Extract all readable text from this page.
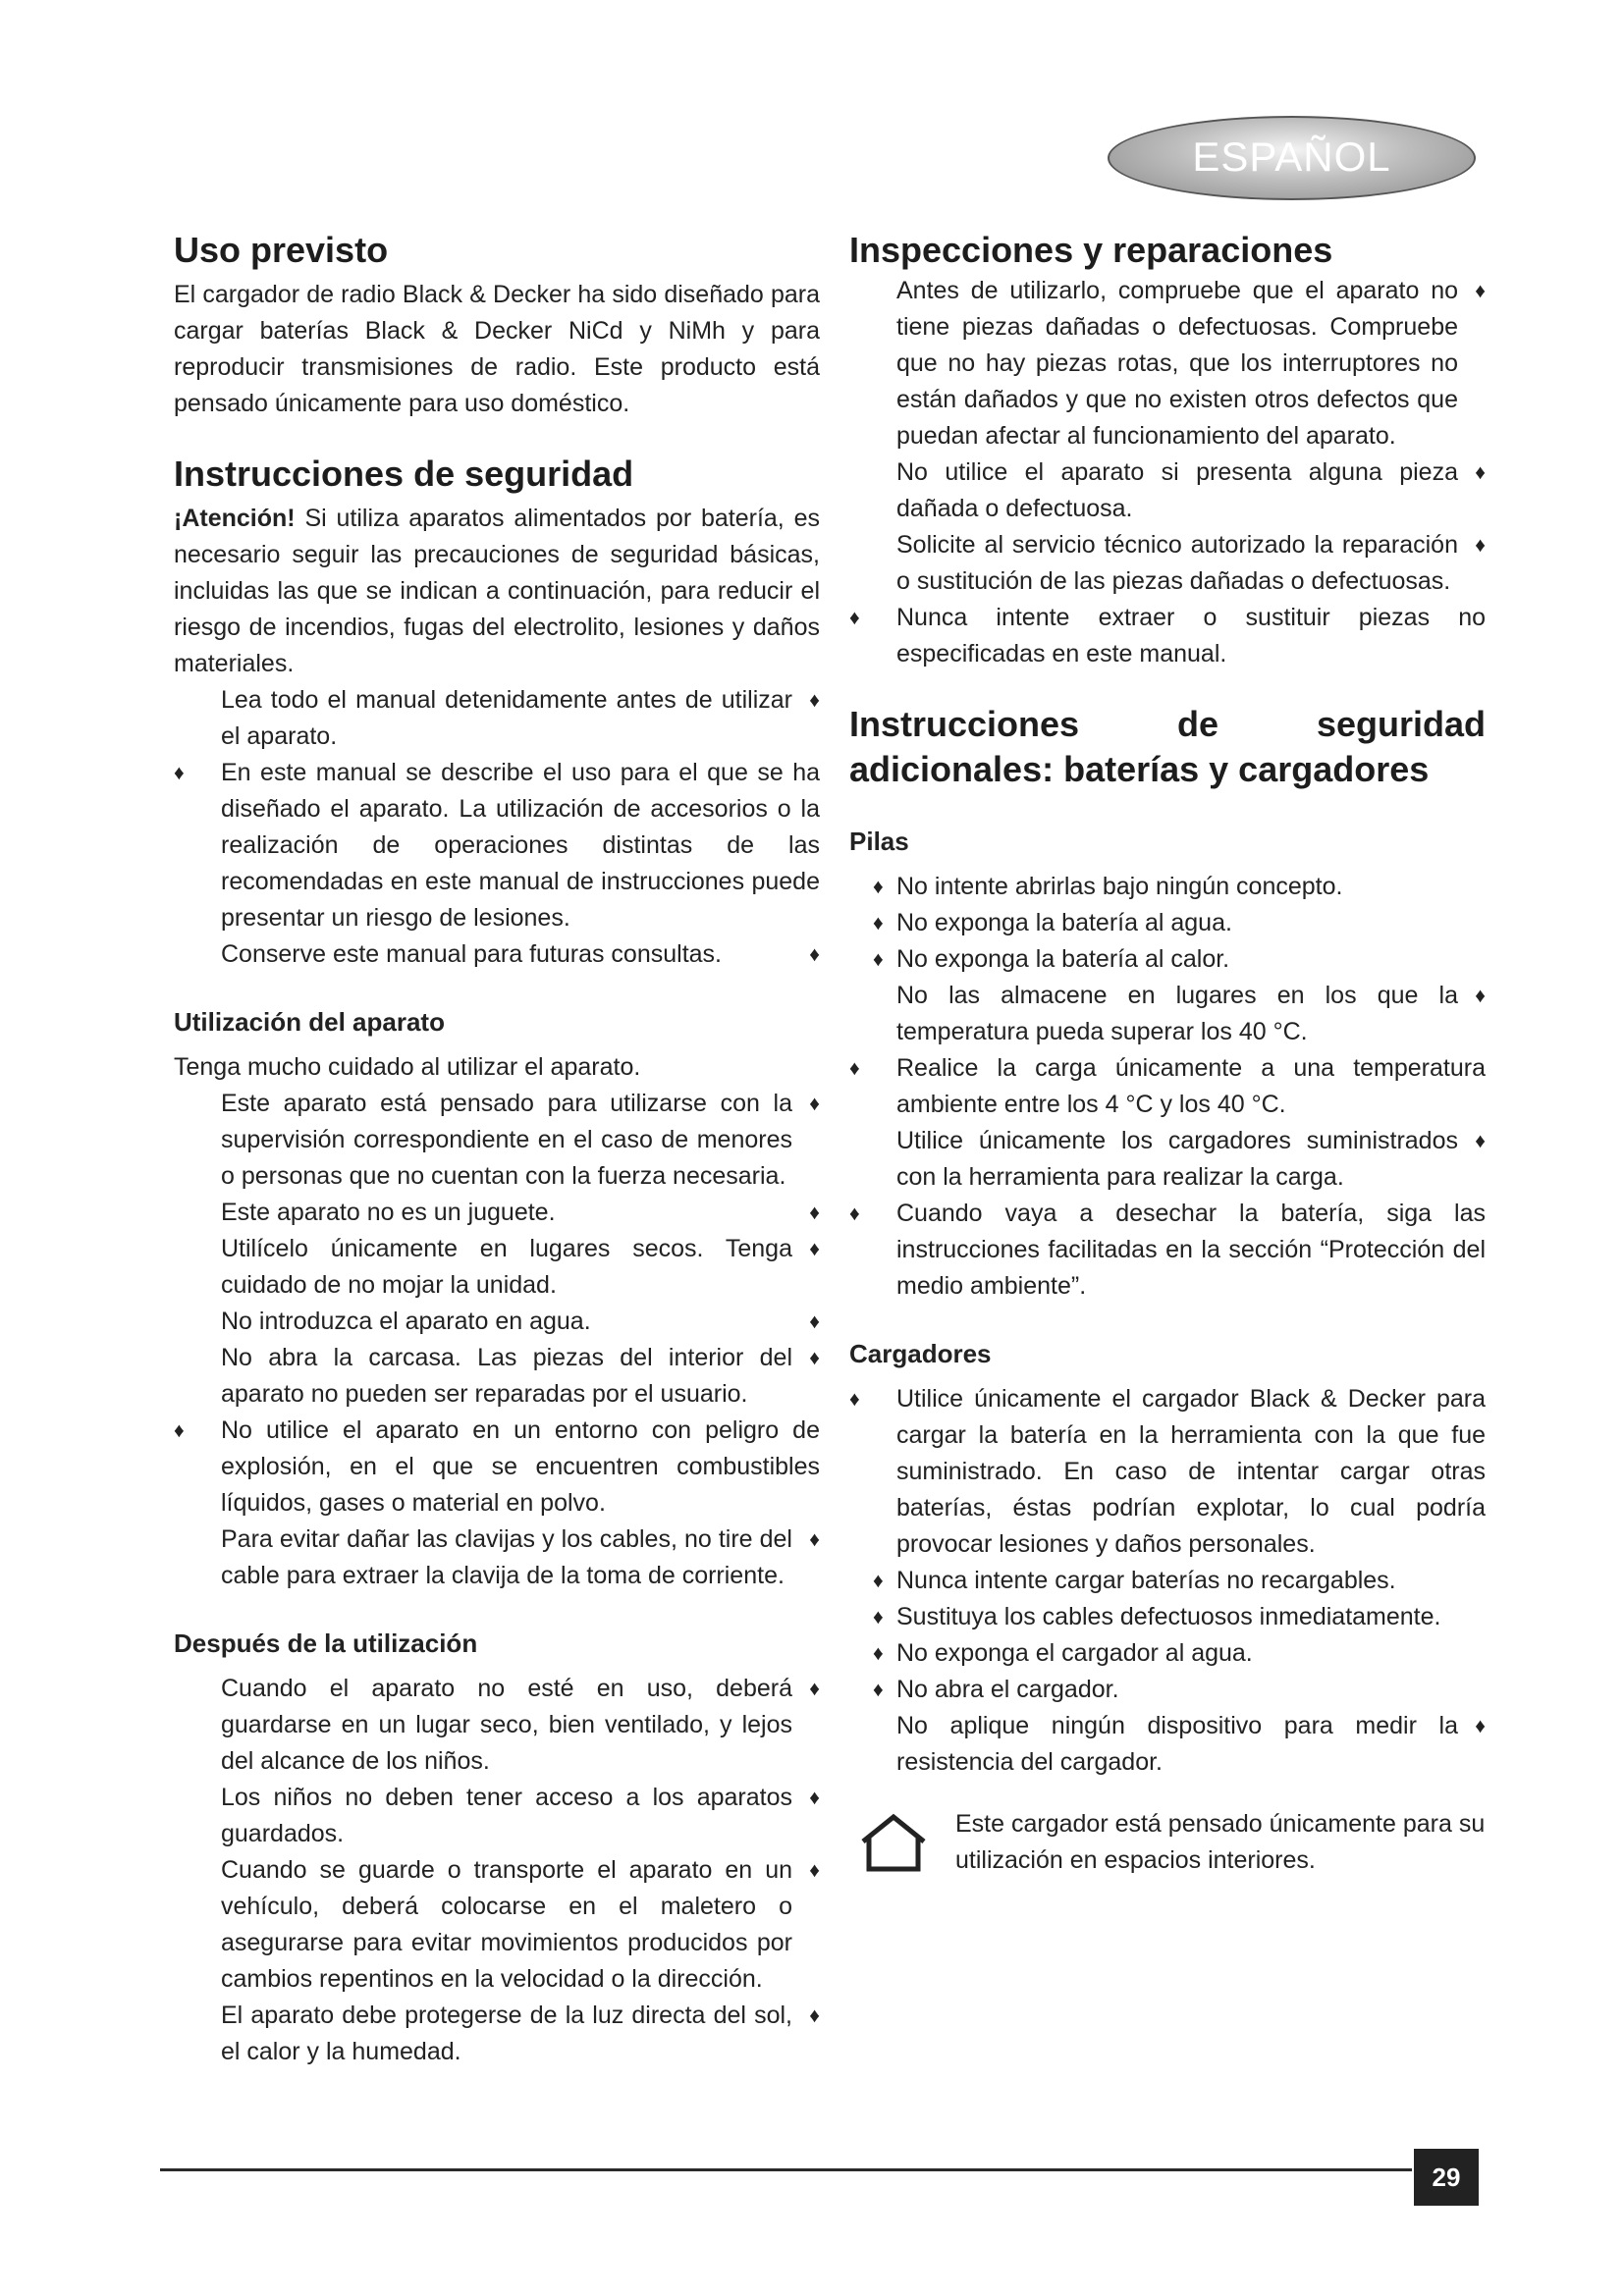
ESPAÑOL
Uso previsto

El cargador de radio Black & Decker ha sido diseñado para cargar baterías Black & Decker NiCd y NiMh y para reproducir transmisiones de radio. Este producto está pensado únicamente para uso doméstico.

Instrucciones de seguridad

¡Atención! Si utiliza aparatos alimentados por batería, es necesario seguir las precauciones de seguridad básicas, incluidas las que se indican a continuación, para reducir el riesgo de incendios, fugas del electrolito, lesiones y daños materiales.

Lea todo el manual detenidamente antes de utilizar el aparato. ♦
♦ En este manual se describe el uso para el que se ha diseñado el aparato. La utilización de accesorios o la realización de operaciones distintas de las recomendadas en este manual de instrucciones puede presentar un riesgo de lesiones.
Conserve este manual para futuras consultas. ♦
Utilización del aparato

Tenga mucho cuidado al utilizar el aparato.

Este aparato está pensado para utilizarse con la supervisión correspondiente en el caso de menores o personas que no cuentan con la fuerza necesaria. ♦
Este aparato no es un juguete. ♦
Utilícelo únicamente en lugares secos. Tenga cuidado de no mojar la unidad. ♦
No introduzca el aparato en agua. ♦
No abra la carcasa. Las piezas del interior del aparato no pueden ser reparadas por el usuario. ♦
♦ No utilice el aparato en un entorno con peligro de explosión, en el que se encuentren combustibles líquidos, gases o material en polvo.
Para evitar dañar las clavijas y los cables, no tire del cable para extraer la clavija de la toma de corriente. ♦
Después de la utilización
Cuando el aparato no esté en uso, deberá guardarse en un lugar seco, bien ventilado, y lejos del alcance de los niños. ♦
Los niños no deben tener acceso a los aparatos guardados. ♦
Cuando se guarde o transporte el aparato en un vehículo, deberá colocarse en el maletero o asegurarse para evitar movimientos producidos por cambios repentinos en la velocidad o la dirección. ♦
El aparato debe protegerse de la luz directa del sol, el calor y la humedad. ♦
Inspecciones y reparaciones
Antes de utilizarlo, compruebe que el aparato no tiene piezas dañadas o defectuosas. Compruebe que no hay piezas rotas, que los interruptores no están dañados y que no existen otros defectos que puedan afectar al funcionamiento del aparato. ♦
No utilice el aparato si presenta alguna pieza dañada o defectuosa. ♦
Solicite al servicio técnico autorizado la reparación o sustitución de las piezas dañadas o defectuosas. ♦
♦ Nunca intente extraer o sustituir piezas no especificadas en este manual.
Instrucciones de seguridad adicionales: baterías y cargadores
Pilas
♦ No intente abrirlas bajo ningún concepto.
♦ No exponga la batería al agua.
♦ No exponga la batería al calor.
No las almacene en lugares en los que la temperatura pueda superar los 40 °C. ♦
♦ Realice la carga únicamente a una temperatura ambiente entre los 4 °C y los 40 °C.
Utilice únicamente los cargadores suministrados con la herramienta para realizar la carga. ♦
♦ Cuando vaya a desechar la batería, siga las instrucciones facilitadas en la sección “Protección del medio ambiente”.
Cargadores
♦ Utilice únicamente el cargador Black & Decker para cargar la batería en la herramienta con la que fue suministrado. En caso de intentar cargar otras baterías, éstas podrían explotar, lo cual podría provocar lesiones y daños personales.
♦ Nunca intente cargar baterías no recargables.
♦ Sustituya los cables defectuosos inmediatamente.
♦ No exponga el cargador al agua.
♦ No abra el cargador.
No aplique ningún dispositivo para medir la resistencia del cargador. ♦
Este cargador está pensado únicamente para su utilización en espacios interiores.
29
